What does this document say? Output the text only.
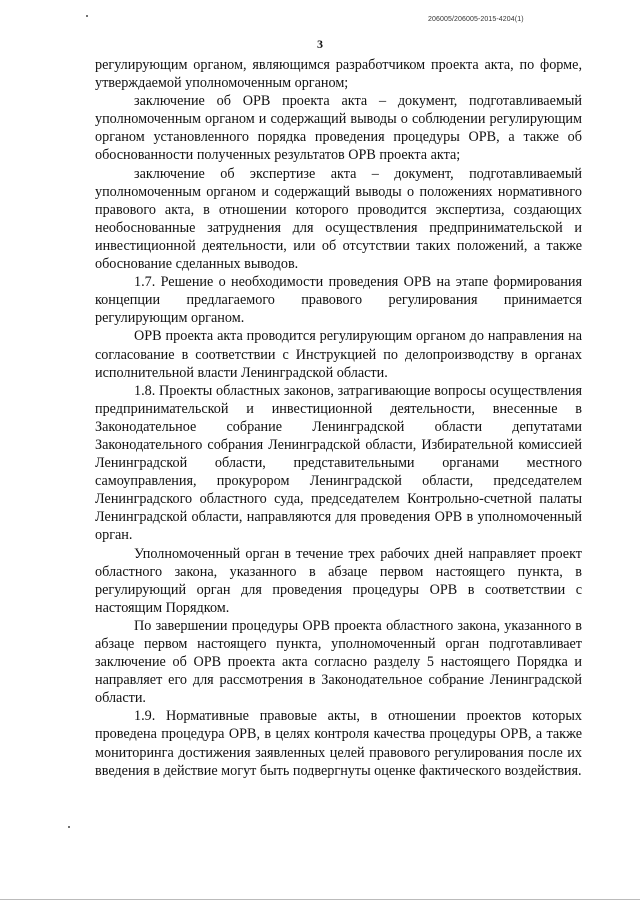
206005/206005-2015-4204(1)
3

регулирующим органом, являющимся разработчиком проекта акта, по форме, утверждаемой уполномоченным органом;

заключение об ОРВ проекта акта – документ, подготавливаемый уполномоченным органом и содержащий выводы о соблюдении регулирующим органом установленного порядка проведения процедуры ОРВ, а также об обоснованности полученных результатов ОРВ проекта акта;

заключение об экспертизе акта – документ, подготавливаемый уполномоченным органом и содержащий выводы о положениях нормативного правового акта, в отношении которого проводится экспертиза, создающих необоснованные затруднения для осуществления предпринимательской и инвестиционной деятельности, или об отсутствии таких положений, а также обоснование сделанных выводов.

1.7. Решение о необходимости проведения ОРВ на этапе формирования концепции предлагаемого правового регулирования принимается регулирующим органом.

ОРВ проекта акта проводится регулирующим органом до направления на согласование в соответствии с Инструкцией по делопроизводству в органах исполнительной власти Ленинградской области.

1.8. Проекты областных законов, затрагивающие вопросы осуществления предпринимательской и инвестиционной деятельности, внесенные в Законодательное собрание Ленинградской области депутатами Законодательного собрания Ленинградской области, Избирательной комиссией Ленинградской области, представительными органами местного самоуправления, прокурором Ленинградской области, председателем Ленинградского областного суда, председателем Контрольно-счетной палаты Ленинградской области, направляются для проведения ОРВ в уполномоченный орган.

Уполномоченный орган в течение трех рабочих дней направляет проект областного закона, указанного в абзаце первом настоящего пункта, в регулирующий орган для проведения процедуры ОРВ в соответствии с настоящим Порядком.

По завершении процедуры ОРВ проекта областного закона, указанного в абзаце первом настоящего пункта, уполномоченный орган подготавливает заключение об ОРВ проекта акта согласно разделу 5 настоящего Порядка и направляет его для рассмотрения в Законодательное собрание Ленинградской области.

1.9. Нормативные правовые акты, в отношении проектов которых проведена процедура ОРВ, в целях контроля качества процедуры ОРВ, а также мониторинга достижения заявленных целей правового регулирования после их введения в действие могут быть подвергнуты оценке фактического воздействия.
